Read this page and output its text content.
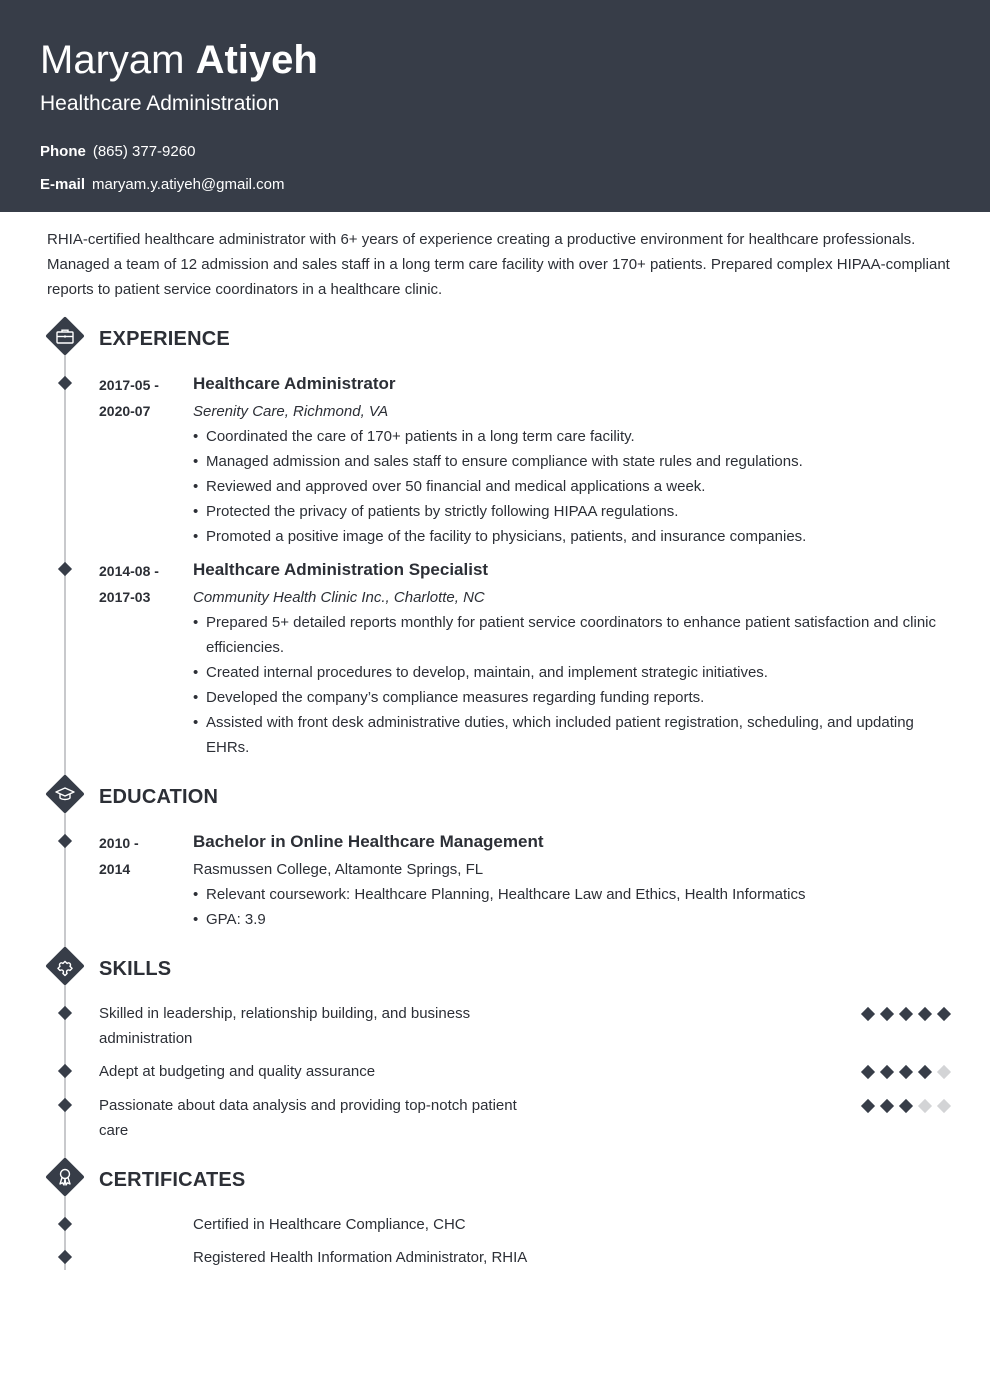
Maryam Atiyeh
Healthcare Administration
Phone (865) 377-9260
E-mail maryam.y.atiyeh@gmail.com
RHIA-certified healthcare administrator with 6+ years of experience creating a productive environment for healthcare professionals. Managed a team of 12 admission and sales staff in a long term care facility with over 170+ patients. Prepared complex HIPAA-compliant reports to patient service coordinators in a healthcare clinic.
EXPERIENCE
2017-05 -
2020-07
Healthcare Administrator
Serenity Care, Richmond, VA
• Coordinated the care of 170+ patients in a long term care facility.
• Managed admission and sales staff to ensure compliance with state rules and regulations.
• Reviewed and approved over 50 financial and medical applications a week.
• Protected the privacy of patients by strictly following HIPAA regulations.
• Promoted a positive image of the facility to physicians, patients, and insurance companies.
2014-08 -
2017-03
Healthcare Administration Specialist
Community Health Clinic Inc., Charlotte, NC
• Prepared 5+ detailed reports monthly for patient service coordinators to enhance patient satisfaction and clinic efficiencies.
• Created internal procedures to develop, maintain, and implement strategic initiatives.
• Developed the company’s compliance measures regarding funding reports.
• Assisted with front desk administrative duties, which included patient registration, scheduling, and updating EHRs.
EDUCATION
2010 -
2014
Bachelor in Online Healthcare Management
Rasmussen College, Altamonte Springs, FL
• Relevant coursework: Healthcare Planning, Healthcare Law and Ethics, Health Informatics
• GPA: 3.9
SKILLS
Skilled in leadership, relationship building, and business administration
Adept at budgeting and quality assurance
Passionate about data analysis and providing top-notch patient care
CERTIFICATES
Certified in Healthcare Compliance, CHC
Registered Health Information Administrator, RHIA
